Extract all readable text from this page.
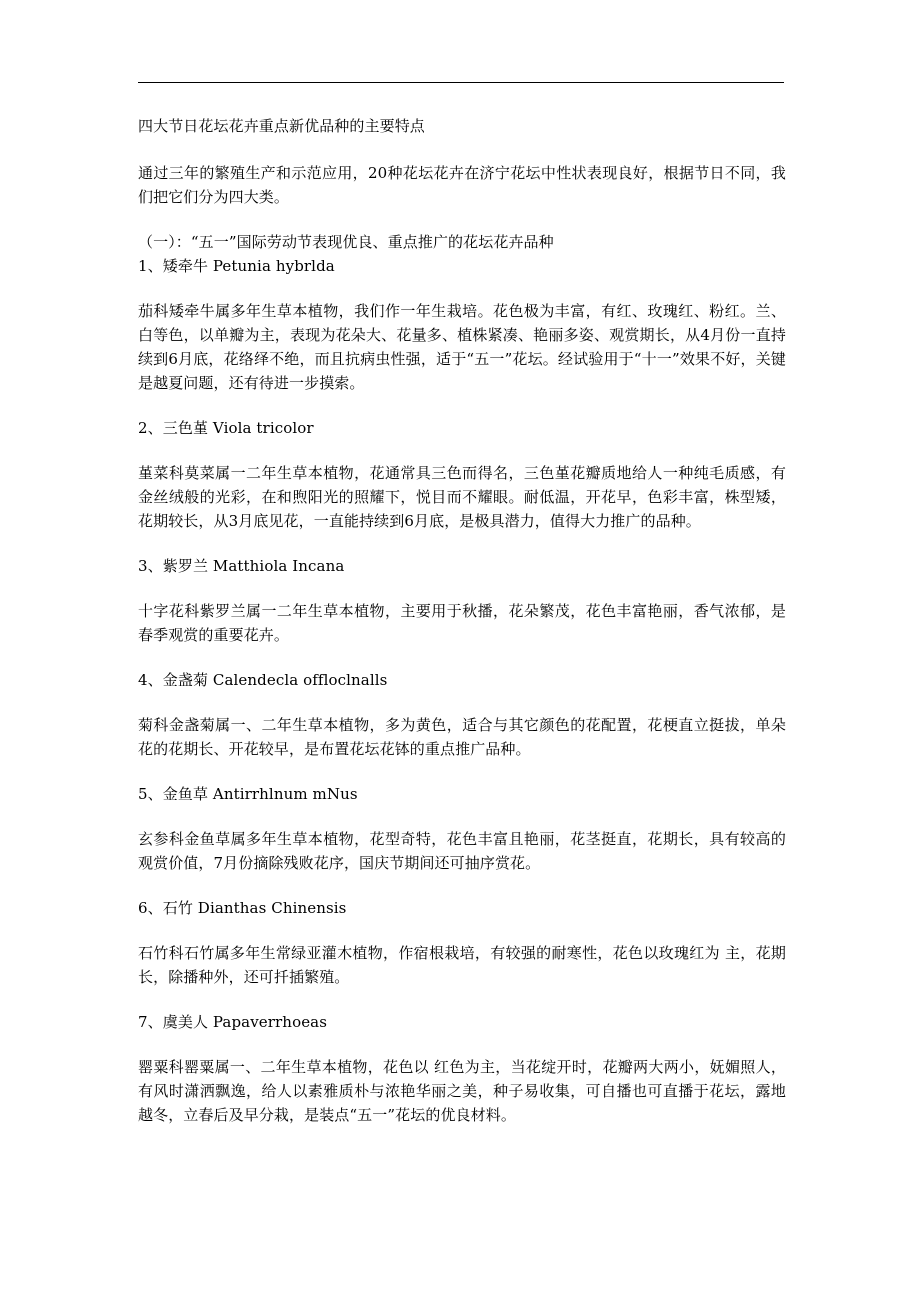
四大节日花坛花卉重点新优品种的主要特点

通过三年的繁殖生产和示范应用，20种花坛花卉在济宁花坛中性状表现良好，根据节日不同，我们把它们分为四大类。

（一）：“五一”国际劳动节表现优良、重点推广的花坛花卉品种

1、矮牵牛 Petunia hybrlda

茄科矮牵牛属多年生草本植物，我们作一年生栽培。花色极为丰富，有红、玫瑰红、粉红。兰、白等色，以单瓣为主，表现为花朵大、花量多、植株紧凑、艳丽多姿、观赏期长，从4月份一直持续到6月底，花络绎不绝，而且抗病虫性强，适于“五一”花坛。经试验用于“十一”效果不好，关键是越夏问题，还有待进一步摸索。

2、三色堇 Viola tricolor

堇菜科莫菜属一二年生草本植物，花通常具三色而得名，三色堇花瓣质地给人一种纯毛质感，有金丝绒般的光彩，在和煦阳光的照耀下，悦目而不耀眼。耐低温，开花早，色彩丰富，株型矮，花期较长，从3月底见花，一直能持续到6月底，是极具潜力，值得大力推广的品种。

3、紫罗兰 Matthiola Incana

十字花科紫罗兰属一二年生草本植物，主要用于秋播，花朵繁茂，花色丰富艳丽，香气浓郁，是春季观赏的重要花卉。

4、金盏菊 Calendecla offloclnalls

菊科金盏菊属一、二年生草本植物，多为黄色，适合与其它颜色的花配置，花梗直立挺拔，单朵花的花期长、开花较早，是布置花坛花钵的重点推广品种。

5、金鱼草 Antirrhlnum mNus

玄参科金鱼草属多年生草本植物，花型奇特，花色丰富且艳丽，花茎挺直，花期长，具有较高的观赏价值，7月份摘除残败花序，国庆节期间还可抽序赏花。

6、石竹 Dianthas Chinensis

石竹科石竹属多年生常绿亚灌木植物，作宿根栽培，有较强的耐寒性，花色以玫瑰红为 主，花期长，除播种外，还可扦插繁殖。

7、虞美人 Papaverrhoeas

罂粟科罂粟属一、二年生草本植物，花色以 红色为主，当花绽开时，花瓣两大两小，妩媚照人，有风时潇洒飘逸，给人以素雅质朴与浓艳华丽之美，种子易收集，可自播也可直播于花坛，露地越冬，立春后及早分栽，是装点“五一”花坛的优良材料。
